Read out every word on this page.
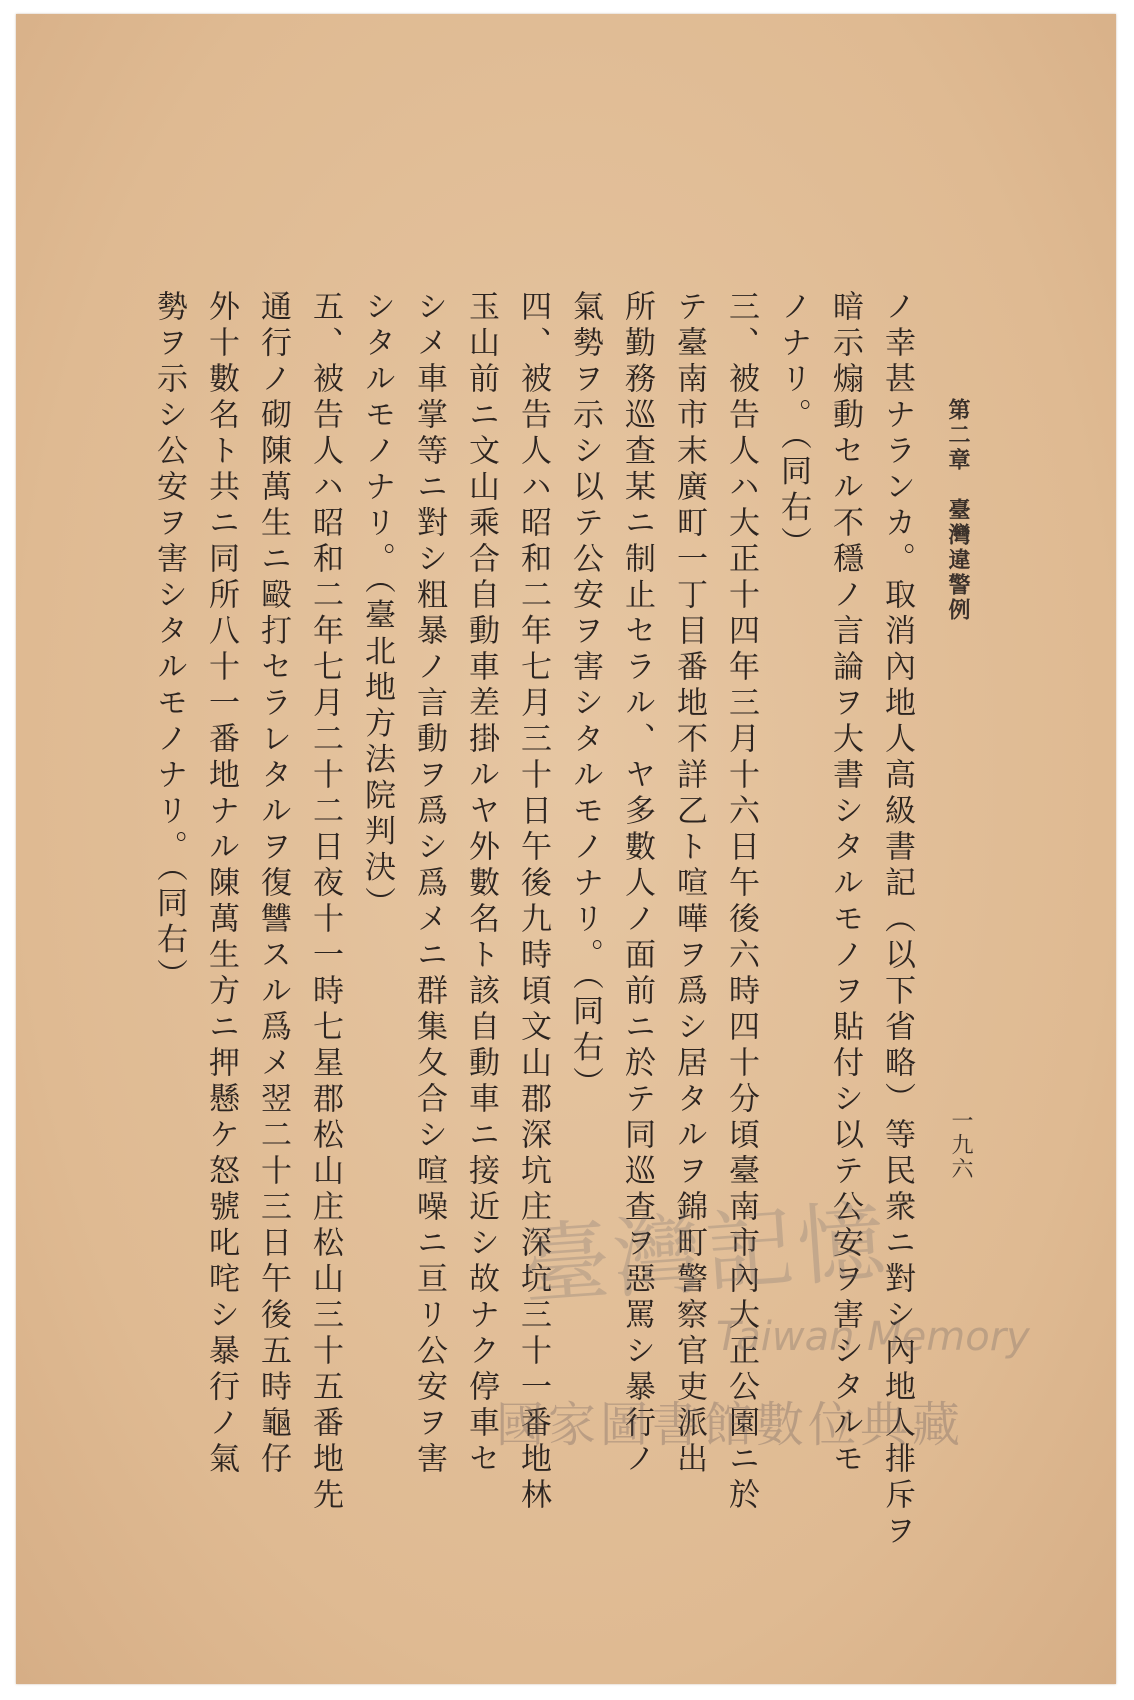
第二章　臺灣違警例
一九六
ノ幸甚ナランカ。取消內地人高級書記（以下省略）等民衆ニ對シ內地人排斥ヲ
暗示煽動セル不穩ノ言論ヲ大書シタルモノヲ貼付シ以テ公安ヲ害シタルモ
ノナリ。（同右）
三、被告人ハ大正十四年三月十六日午後六時四十分頃臺南市內大正公園ニ於
テ臺南市末廣町一丁目番地不詳乙ト喧嘩ヲ爲シ居タルヲ錦町警察官吏派出
所勤務巡查某ニ制止セラル、ヤ多數人ノ面前ニ於テ同巡查ヲ惡罵シ暴行ノ
氣勢ヲ示シ以テ公安ヲ害シタルモノナリ。（同右）
四、被告人ハ昭和二年七月三十日午後九時頃文山郡深坑庄深坑三十一番地林
玉山前ニ文山乘合自動車差掛ルヤ外數名ト該自動車ニ接近シ故ナク停車セ
シメ車掌等ニ對シ粗暴ノ言動ヲ爲シ爲メニ群集夂合シ喧噪ニ亘リ公安ヲ害
シタルモノナリ。（臺北地方法院判決）
五、被告人ハ昭和二年七月二十二日夜十一時七星郡松山庄松山三十五番地先
通行ノ砌陳萬生ニ毆打セラレタルヲ復讐スル爲メ翌二十三日午後五時龜仔
外十數名ト共ニ同所八十一番地ナル陳萬生方ニ押懸ケ怒號叱咤シ暴行ノ氣
勢ヲ示シ公安ヲ害シタルモノナリ。（同右）
臺灣記憶
Taiwan Memory
國家圖書館數位典藏
